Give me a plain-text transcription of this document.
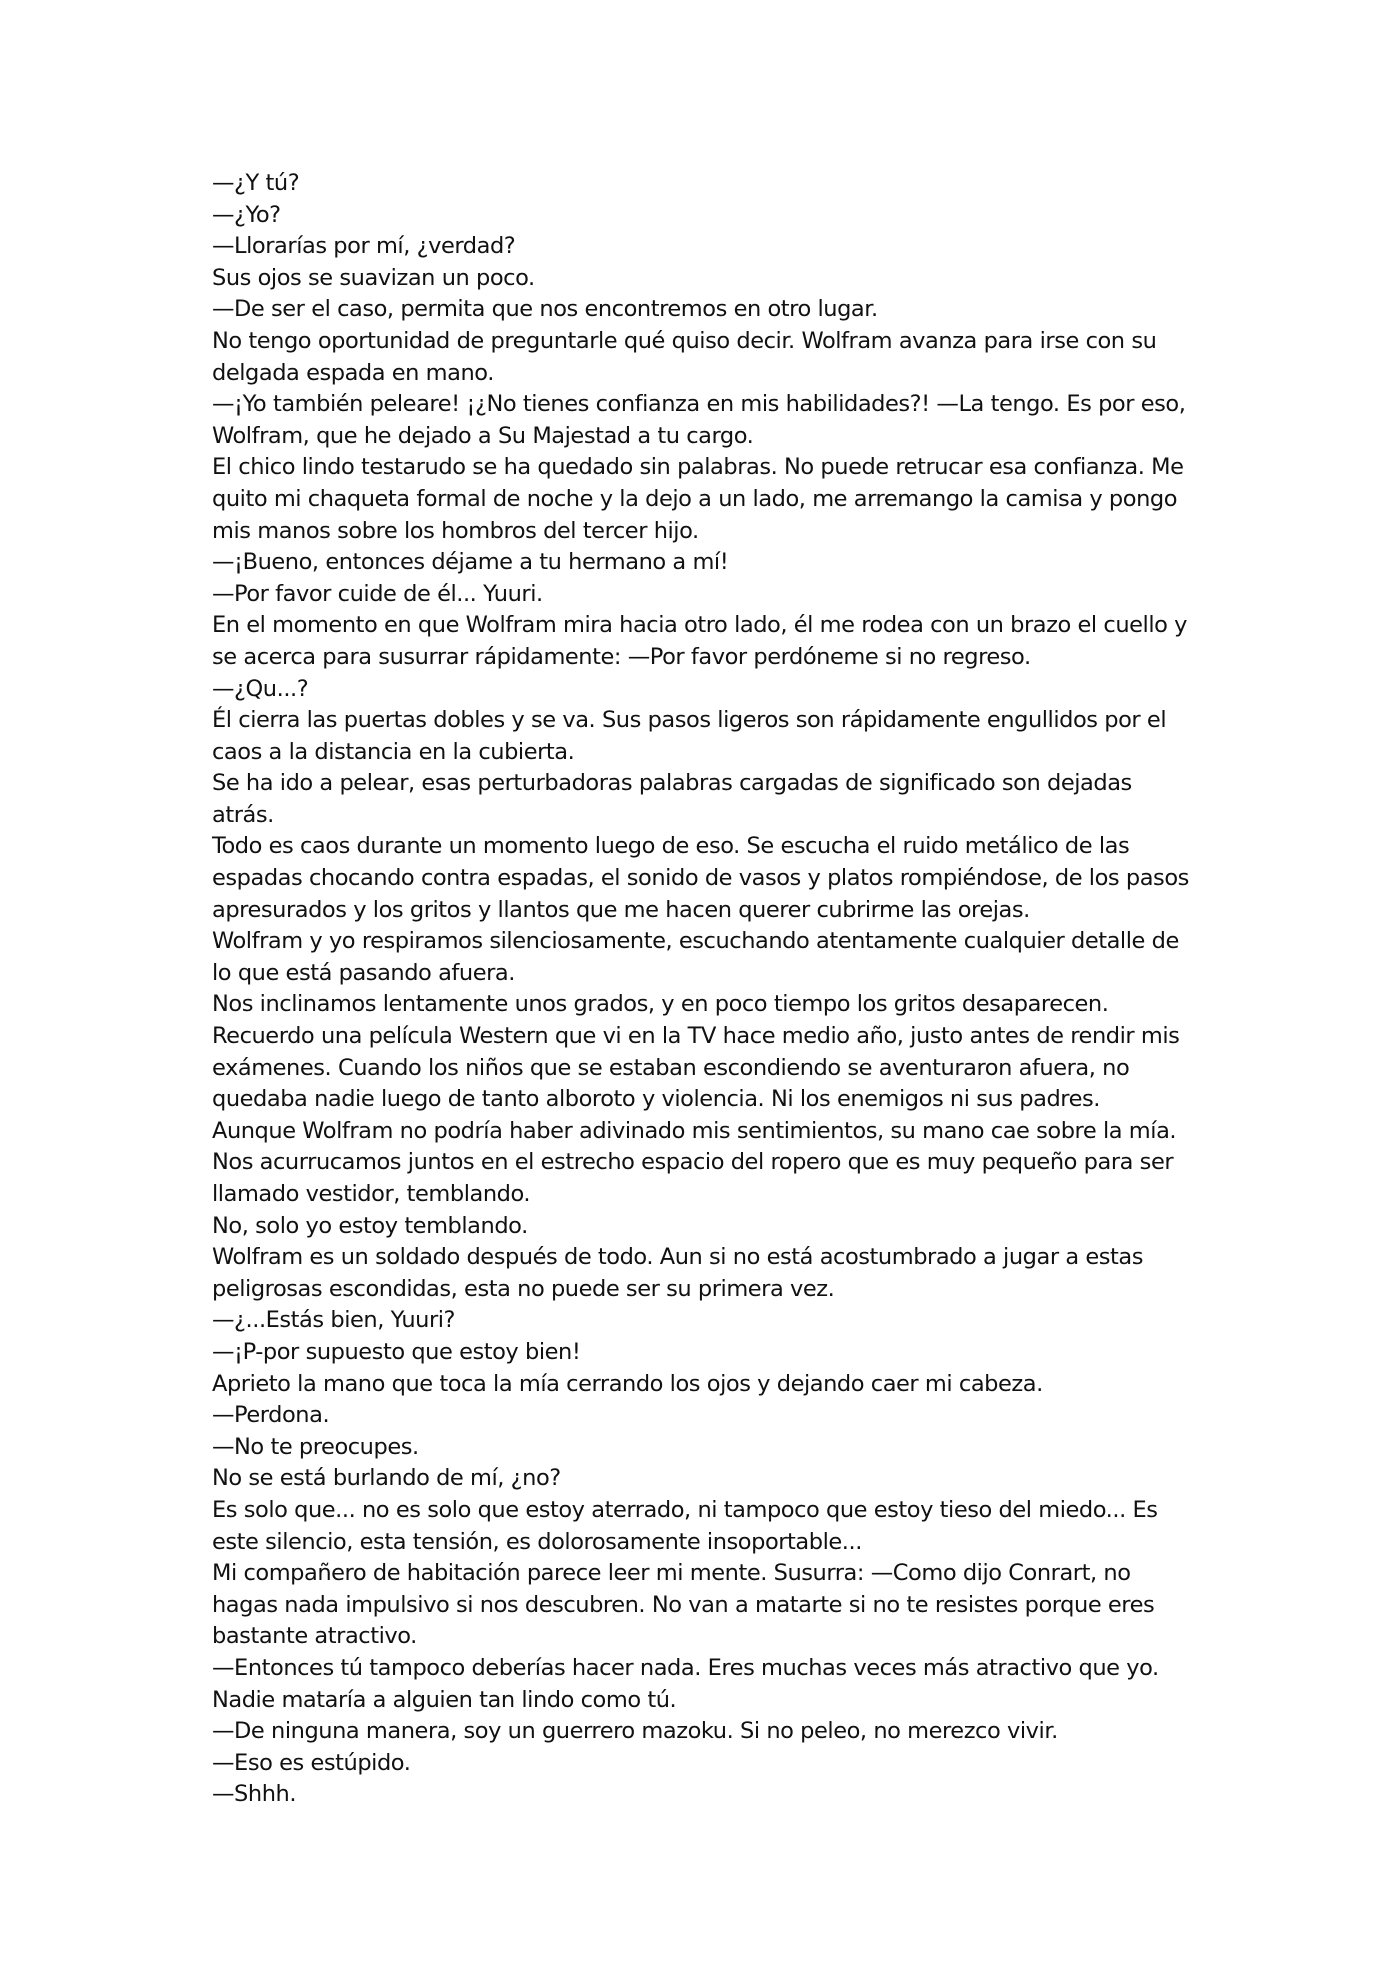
—¿Y tú?

—¿Yo?

—Llorarías por mí, ¿verdad?

Sus ojos se suavizan un poco.

—De ser el caso, permita que nos encontremos en otro lugar.

No tengo oportunidad de preguntarle qué quiso decir. Wolfram avanza para irse con su delgada espada en mano.

—¡Yo también peleare! ¡¿No tienes confianza en mis habilidades?! —La tengo. Es por eso, Wolfram, que he dejado a Su Majestad a tu cargo.

El chico lindo testarudo se ha quedado sin palabras. No puede retrucar esa confianza. Me quito mi chaqueta formal de noche y la dejo a un lado, me arremango la camisa y pongo mis manos sobre los hombros del tercer hijo.

—¡Bueno, entonces déjame a tu hermano a mí!

—Por favor cuide de él... Yuuri.

En el momento en que Wolfram mira hacia otro lado, él me rodea con un brazo el cuello y se acerca para susurrar rápidamente: —Por favor perdóneme si no regreso.

—¿Qu...?

Él cierra las puertas dobles y se va. Sus pasos ligeros son rápidamente engullidos por el caos a la distancia en la cubierta.

Se ha ido a pelear, esas perturbadoras palabras cargadas de significado son dejadas atrás.

Todo es caos durante un momento luego de eso. Se escucha el ruido metálico de las espadas chocando contra espadas, el sonido de vasos y platos rompiéndose, de los pasos apresurados y los gritos y llantos que me hacen querer cubrirme las orejas.

Wolfram y yo respiramos silenciosamente, escuchando atentamente cualquier detalle de lo que está pasando afuera.

Nos inclinamos lentamente unos grados, y en poco tiempo los gritos desaparecen.

Recuerdo una película Western que vi en la TV hace medio año, justo antes de rendir mis exámenes. Cuando los niños que se estaban escondiendo se aventuraron afuera, no quedaba nadie luego de tanto alboroto y violencia. Ni los enemigos ni sus padres.

Aunque Wolfram no podría haber adivinado mis sentimientos, su mano cae sobre la mía.

Nos acurrucamos juntos en el estrecho espacio del ropero que es muy pequeño para ser llamado vestidor, temblando.

No, solo yo estoy temblando.

Wolfram es un soldado después de todo. Aun si no está acostumbrado a jugar a estas peligrosas escondidas, esta no puede ser su primera vez.

—¿...Estás bien, Yuuri?

—¡P-por supuesto que estoy bien!

Aprieto la mano que toca la mía cerrando los ojos y dejando caer mi cabeza.

—Perdona.

—No te preocupes.

No se está burlando de mí, ¿no?

Es solo que... no es solo que estoy aterrado, ni tampoco que estoy tieso del miedo... Es este silencio, esta tensión, es dolorosamente insoportable...

Mi compañero de habitación parece leer mi mente. Susurra: —Como dijo Conrart, no hagas nada impulsivo si nos descubren. No van a matarte si no te resistes porque eres bastante atractivo.

—Entonces tú tampoco deberías hacer nada. Eres muchas veces más atractivo que yo. Nadie mataría a alguien tan lindo como tú.

—De ninguna manera, soy un guerrero mazoku. Si no peleo, no merezco vivir.

—Eso es estúpido.

—Shhh.
